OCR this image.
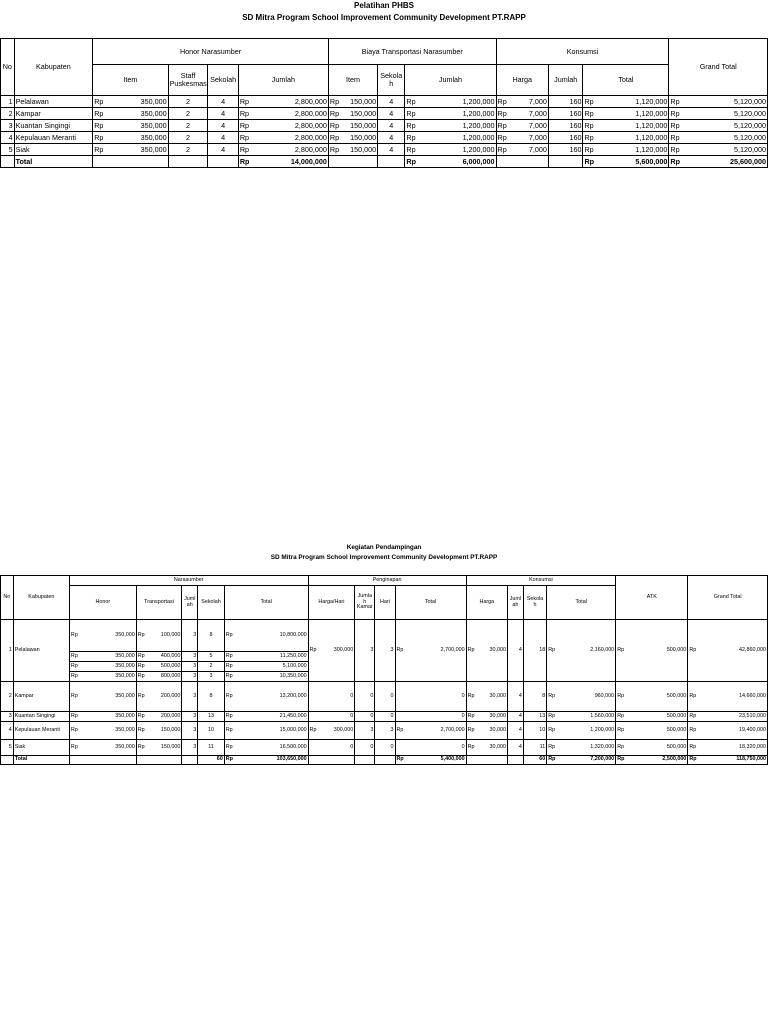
Pelatihan PHBS
SD Mitra Program School Improvement Community Development PT.RAPP
No	Kabupaten	Honor Narasumber				Biaya Transportasi Narasumber			Konsumsi			Grand Total
		Item	Staff Puskesmas	Sekolah	Jumlah	Item	Sekola h	Jumlah	Harga	Jumlah	Total	
1	Pelalawan	Rp 350,000	2	4	Rp 2,800,000	Rp 150,000	4	Rp 1,200,000	Rp 7,000	160	Rp 1,120,000	Rp 5,120,000

2	Kampar	Rp 350,000	2	4	Rp 2,800,000	Rp 150,000	4	Rp 1,200,000	Rp 7,000	160	Rp 1,120,000	Rp 5,120,000

3	Kuantan Singingi	Rp 350,000	2	4	Rp 2,800,000	Rp 150,000	4	Rp 1,200,000	Rp 7,000	160	Rp 1,120,000	Rp 5,120,000

4	Kepulauan Meranti	Rp 350,000	2	4	Rp 2,800,000	Rp 150,000	4	Rp 1,200,000	Rp 7,000	160	Rp 1,120,000	Rp 5,120,000

5	Siak	Rp 350,000	2	4	Rp 2,800,000	Rp 150,000	4	Rp 1,200,000	Rp 7,000	160	Rp 1,120,000	Rp 5,120,000

	Total				Rp 14,000,000			Rp 6,000,000			Rp 5,600,000	Rp 25,600,000
Kegiatan Pendampingan
SD Mitra Program School Improvement Community Development PT.RAPP
No	Kabupaten	Narasumber					Penginapan				Konsumsi				ATK	Grand Total
		Honor	Transportasi	Juml ah	Sekolah	Total	Harga/Hari	Jumla h Kamar	Hari	Total	Harga	Juml ah	Sekola h	Total		
1	Pelalawan	Rp 350,000	Rp 100,000	3	8	Rp 10,800,000	Rp 300,000	3	3	Rp 2,700,000	Rp 30,000	4	18	Rp 2,160,000	Rp 500,000	Rp 42,860,000

		Rp 350,000	Rp 400,000	3	5	Rp 11,250,000										

		Rp 350,000	Rp 500,000	3	2	Rp 5,100,000										

		Rp 350,000	Rp 800,000	3	3	Rp 10,350,000										

2	Kampar	Rp 350,000	Rp 200,000	3	8	Rp 13,200,000	0	0	0	0	Rp 30,000	4	8	Rp 960,000	Rp 500,000	Rp 14,660,000

3	Kuantan Singingi	Rp 350,000	Rp 200,000	3	13	Rp 21,450,000	0	0	0	0	Rp 30,000	4	13	Rp 1,560,000	Rp 500,000	Rp 23,510,000

4	Kepulauan Meranti	Rp 350,000	Rp 150,000	3	10	Rp 15,000,000	Rp 300,000	3	3	Rp 2,700,000	Rp 30,000	4	10	Rp 1,200,000	Rp 500,000	Rp 19,400,000

5	Siak	Rp 350,000	Rp 150,000	3	11	Rp 16,500,000	0	0	0	0	Rp 30,000	4	11	Rp 1,320,000	Rp 500,000	Rp 18,320,000

	Total				60	Rp 103,650,000				Rp 5,400,000			60	Rp 7,200,000	Rp 2,500,000	Rp 118,750,000
